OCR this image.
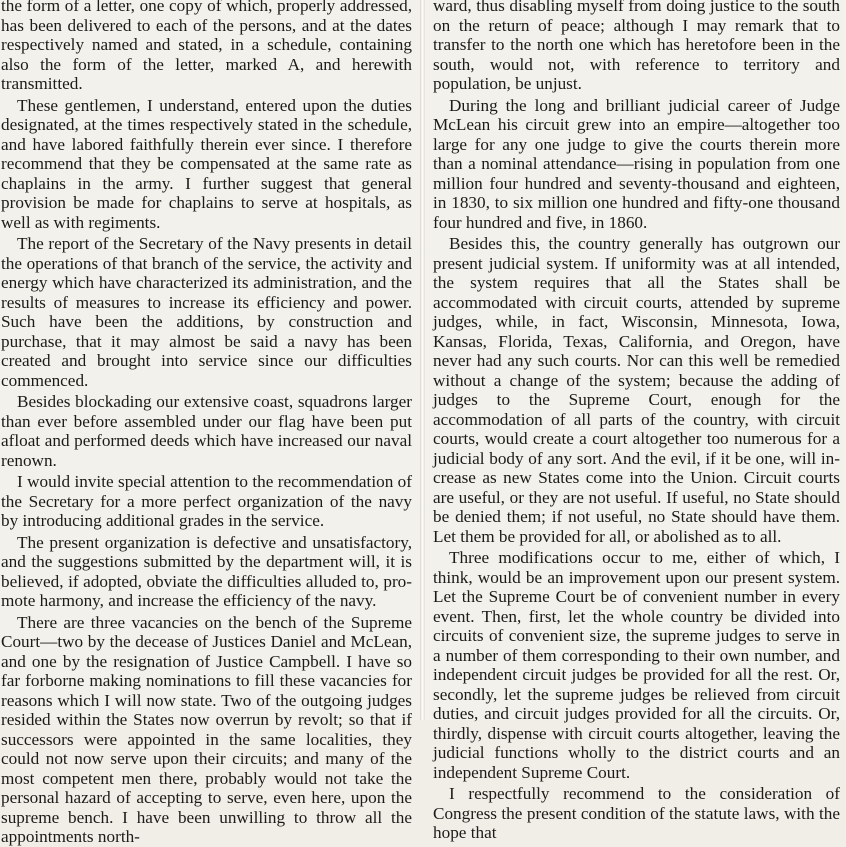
the form of a letter, one copy of which, properly addressed, has been delivered to each of the persons, and at the dates respectively named and stated, in a schedule, containing also the form of the letter, marked A, and herewith transmitted.

These gentlemen, I understand, entered upon the duties designated, at the times respectively stated in the schedule, and have labored faithfully therein ever since. I therefore recommend that they be compensated at the same rate as chaplains in the army. I further suggest that general provision be made for chaplains to serve at hospitals, as well as with regiments.

The report of the Secretary of the Navy presents in detail the operations of that branch of the service, the activity and energy which have characterized its administration, and the results of measures to increase its efficiency and power. Such have been the additions, by construction and purchase, that it may almost be said a navy has been created and brought into service since our difficulties commenced.

Besides blockading our extensive coast, squadrons larger than ever before assembled under our flag have been put afloat and performed deeds which have increased our naval renown.

I would invite special attention to the recommendation of the Secretary for a more perfect organization of the navy by introducing additional grades in the service.

The present organization is defective and unsatisfactory, and the suggestions submitted by the department will, it is believed, if adopted, obviate the difficulties alluded to, promote harmony, and increase the efficiency of the navy.

There are three vacancies on the bench of the Supreme Court—two by the decease of Justices Daniel and McLean, and one by the resignation of Justice Campbell. I have so far forborne making nominations to fill these vacancies for reasons which I will now state. Two of the outgoing judges resided within the States now overrun by revolt; so that if successors were appointed in the same localities, they could not now serve upon their circuits; and many of the most competent men there, probably would not take the personal hazard of accepting to serve, even here, upon the supreme bench. I have been unwilling to throw all the appointments north-

ward, thus disabling myself from doing justice to the south on the return of peace; although I may remark that to transfer to the north one which has heretofore been in the south, would not, with reference to territory and population, be unjust.

During the long and brilliant judicial career of Judge McLean his circuit grew into an empire—altogether too large for any one judge to give the courts therein more than a nominal attendance—rising in population from one million four hundred and seventy-thousand and eighteen, in 1830, to six million one hundred and fifty-one thousand four hundred and five, in 1860.

Besides this, the country generally has outgrown our present judicial system. If uniformity was at all intended, the system requires that all the States shall be accommodated with circuit courts, attended by supreme judges, while, in fact, Wisconsin, Minnesota, Iowa, Kansas, Florida, Texas, California, and Oregon, have never had any such courts. Nor can this well be remedied without a change of the system; because the adding of judges to the Supreme Court, enough for the accommodation of all parts of the country, with circuit courts, would create a court altogether too numerous for a judicial body of any sort. And the evil, if it be one, will increase as new States come into the Union. Circuit courts are useful, or they are not useful. If useful, no State should be denied them; if not useful, no State should have them. Let them be provided for all, or abolished as to all.

Three modifications occur to me, either of which, I think, would be an improvement upon our present system. Let the Supreme Court be of convenient number in every event. Then, first, let the whole country be divided into circuits of convenient size, the supreme judges to serve in a number of them corresponding to their own number, and independent circuit judges be provided for all the rest. Or, secondly, let the supreme judges be relieved from circuit duties, and circuit judges provided for all the circuits. Or, thirdly, dispense with circuit courts altogether, leaving the judicial functions wholly to the district courts and an independent Supreme Court.

I respectfully recommend to the consideration of Congress the present condition of the statute laws, with the hope that
